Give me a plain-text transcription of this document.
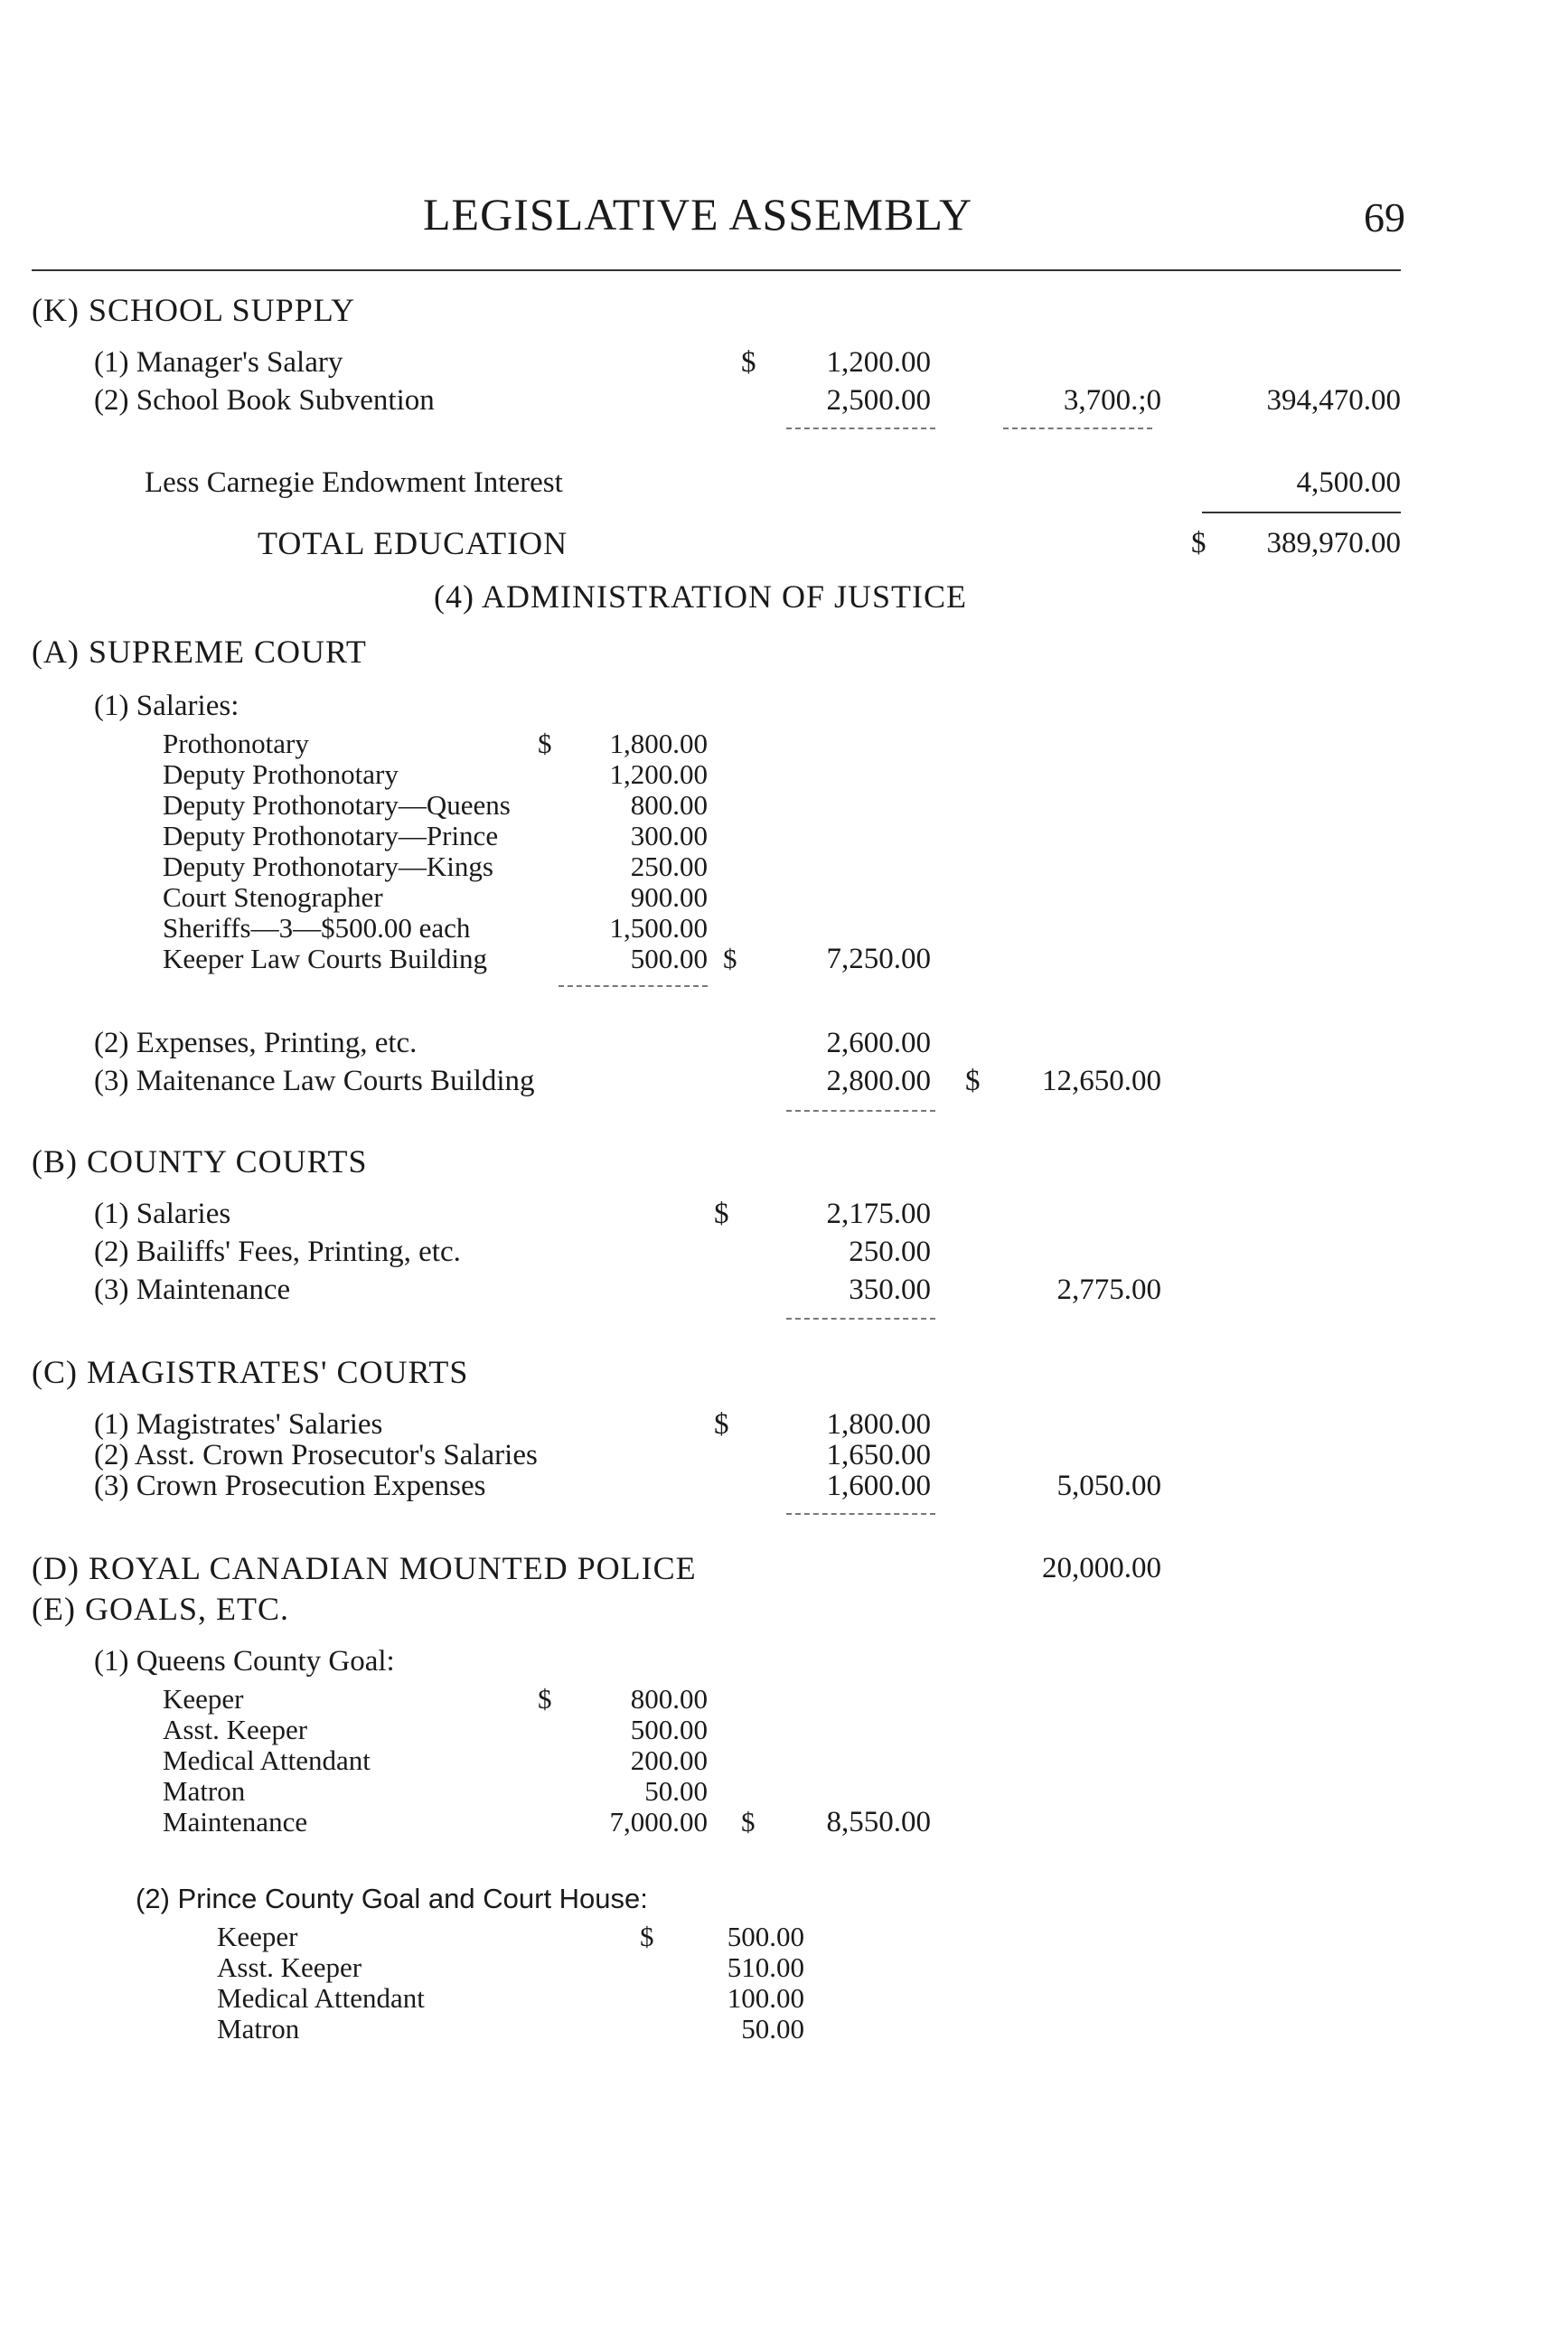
LEGISLATIVE ASSEMBLY	69
(K) SCHOOL SUPPLY
(1) Manager's Salary	$ 1,200.00
(2) School Book Subvention	2,500.00	3,700.;0	394,470.00
Less Carnegie Endowment Interest	4,500.00
TOTAL EDUCATION	$ 389,970.00
(4) ADMINISTRATION OF JUSTICE
(A) SUPREME COURT
(1) Salaries:
Prothonotary	$ 1,800.00
Deputy Prothonotary	1,200.00
Deputy Prothonotary—Queens	800.00
Deputy Prothonotary—Prince	300.00
Deputy Prothonotary—Kings	250.00
Court Stenographer	900.00
Sheriffs—3—$500.00 each	1,500.00
Keeper Law Courts Building	500.00 $	7,250.00
(2) Expenses, Printing, etc.	2,600.00
(3) Maitenance Law Courts Building	2,800.00 $ 12,650.00
(B) COUNTY COURTS
(1) Salaries	$	2,175.00
(2) Bailiffs' Fees, Printing, etc.	250.00
(3) Maintenance	350.00	2,775.00
(C) MAGISTRATES' COURTS
(1) Magistrates' Salaries	$	1,800.00
(2) Asst. Crown Prosecutor's Salaries	1,650.00
(3) Crown Prosecution Expenses	1,600.00	5,050.00
(D) ROYAL CANADIAN MOUNTED POLICE	20,000.00
(E) GOALS, ETC.
(1) Queens County Goal:
Keeper	$	800.00
Asst. Keeper	500.00
Medical Attendant	200.00
Matron	50.00
Maintenance	7,000.00 $ 8,550.00
(2) Prince County Goal and Court House:
Keeper	$	500.00
Asst. Keeper	510.00
Medical Attendant	100.00
Matron	50.00
